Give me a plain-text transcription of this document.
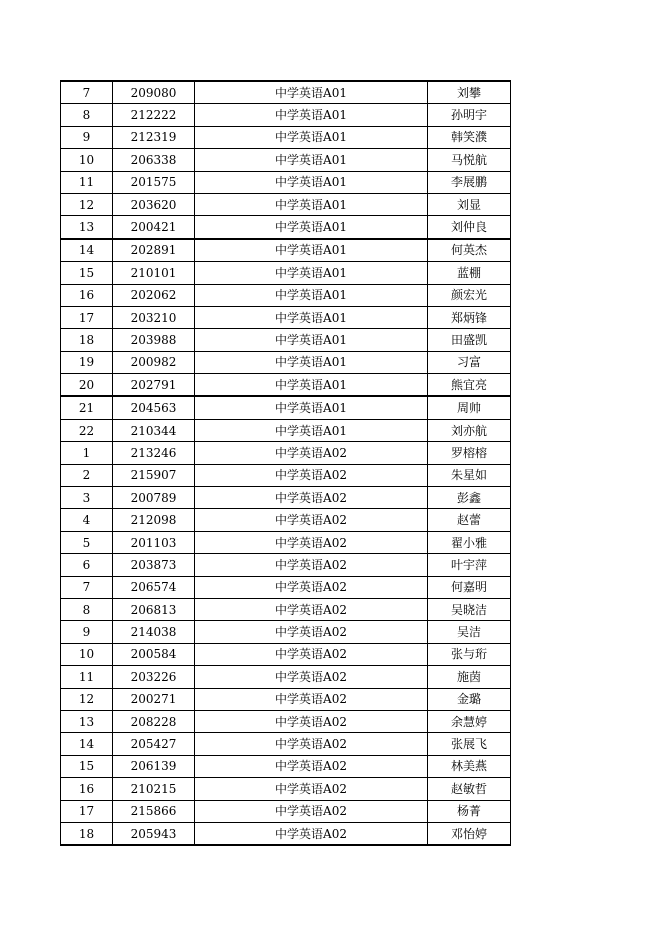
7	209080	中学英语A01	刘攀
8	212222	中学英语A01	孙明宇
9	212319	中学英语A01	韩笑濮
10	206338	中学英语A01	马悦航
11	201575	中学英语A01	李展鹏
12	203620	中学英语A01	刘显
13	200421	中学英语A01	刘仲良
14	202891	中学英语A01	何英杰
15	210101	中学英语A01	蓝棚
16	202062	中学英语A01	颜宏光
17	203210	中学英语A01	郑炳锋
18	203988	中学英语A01	田盛凯
19	200982	中学英语A01	习富
20	202791	中学英语A01	熊宜亮
21	204563	中学英语A01	周帅
22	210344	中学英语A01	刘亦航
1	213246	中学英语A02	罗榕榕
2	215907	中学英语A02	朱星如
3	200789	中学英语A02	彭鑫
4	212098	中学英语A02	赵蕾
5	201103	中学英语A02	翟小雅
6	203873	中学英语A02	叶宇萍
7	206574	中学英语A02	何嘉明
8	206813	中学英语A02	吴晓洁
9	214038	中学英语A02	吴洁
10	200584	中学英语A02	张与珩
11	203226	中学英语A02	施茵
12	200271	中学英语A02	金璐
13	208228	中学英语A02	余慧婷
14	205427	中学英语A02	张展飞
15	206139	中学英语A02	林美燕
16	210215	中学英语A02	赵敏哲
17	215866	中学英语A02	杨菁
18	205943	中学英语A02	邓怡婷
